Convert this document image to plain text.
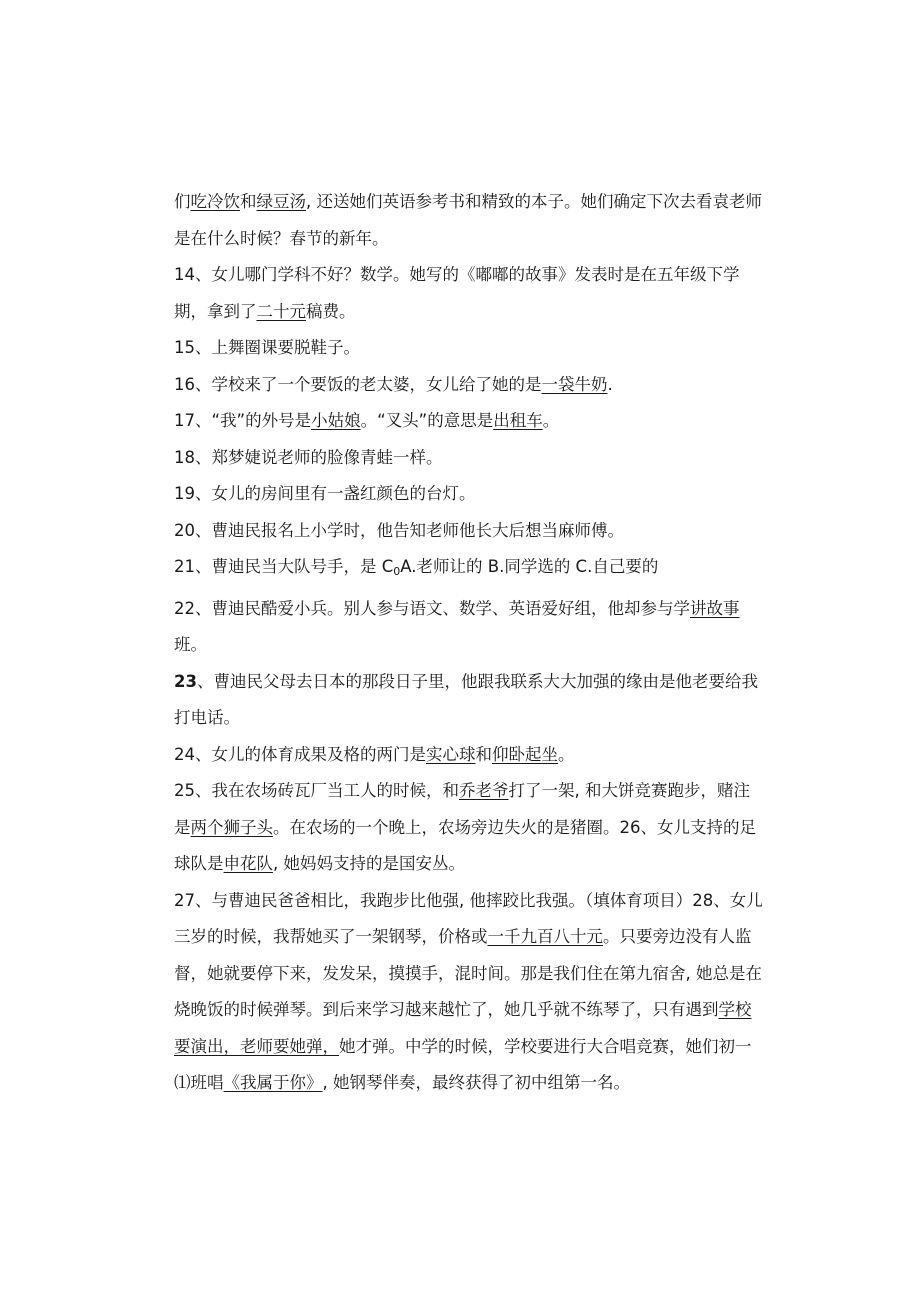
们吃冷饮和绿豆汤, 还送她们英语参考书和精致的本子。她们确定下次去看袁老师是在什么时候？春节的新年。

14、女儿哪门学科不好？数学。她写的《嘟嘟的故事》发表时是在五年级下学期，拿到了二十元稿费。

15、上舞圈课要脱鞋子。

16、学校来了一个要饭的老太婆，女儿给了她的是一袋牛奶.

17、“我”的外号是小姑娘。“叉头”的意思是出租车。

18、郑梦婕说老师的脸像青蛙一样。

19、女儿的房间里有一盏红颜色的台灯。

20、曹迪民报名上小学时，他告知老师他长大后想当麻师傅。

21、曹迪民当大队号手，是 $C_0A$.老师让的 B.同学选的 C.自己要的

22、曹迪民酷爱小兵。别人参与语文、数学、英语爱好组，他却参与学讲故事班。

23、曹迪民父母去日本的那段日子里，他跟我联系大大加强的缘由是他老要给我打电话。

24、女儿的体育成果及格的两门是实心球和仰卧起坐。

25、我在农场砖瓦厂当工人的时候，和乔老爷打了一架, 和大饼竞赛跑步，赌注是两个狮子头。在农场的一个晚上，农场旁边失火的是猪圈。26、女儿支持的足球队是申花队, 她妈妈支持的是国安丛。

27、与曹迪民爸爸相比，我跑步比他强, 他摔跤比我强。（填体育项目）28、女儿三岁的时候，我帮她买了一架钢琴，价格或一千九百八十元。只要旁边没有人监督，她就要停下来，发发呆，摸摸手，混时间。那是我们住在第九宿舍, 她总是在烧晚饭的时候弹琴。到后来学习越来越忙了，她几乎就不练琴了，只有遇到学校要演出，老师要她弹，她才弹。中学的时候，学校要进行大合唱竞赛，她们初一⑴班唱《我属于你》, 她钢琴伴奏，最终获得了初中组第一名。
